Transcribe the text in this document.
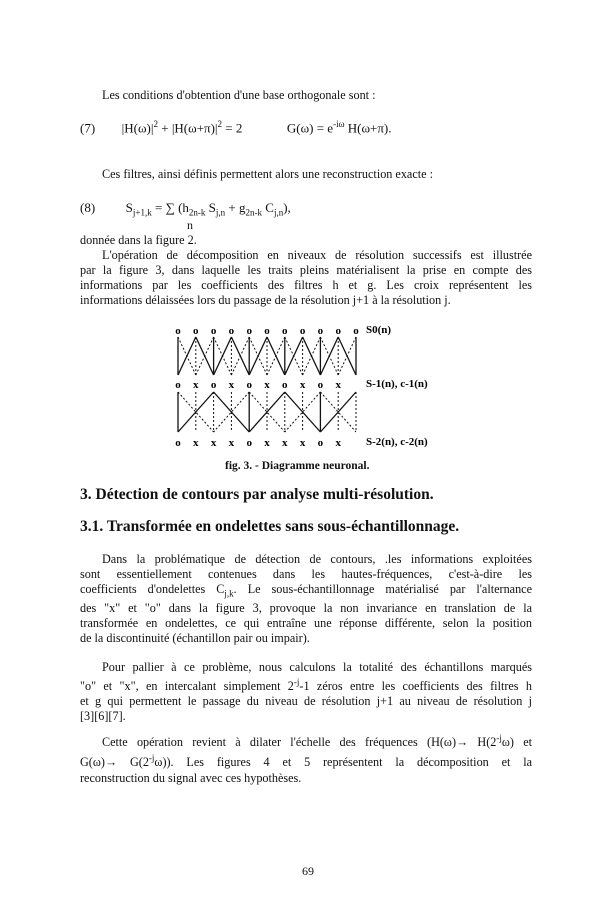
Les conditions d'obtention d'une base orthogonale sont :
(7) $|H(\omega)|^2 + |H(\omega+\pi)|^2 = 2$	$G(\omega) = e^{-i\omega}$ H(ω+π).
Ces filtres, ainsi définis permettent alors une reconstruction exacte :
(8) $S_{j+1,k}$ = ∑ ($h_{2n-k}$ $S_{j,n} + g_{2n-k}$ $C_{j,n}$),
n
donnée dans la figure 2.
L'opération de décomposition en niveaux de résolution successifs est illustrée
par la figure 3, dans laquelle les traits pleins matérialisent la prise en compte des
informations par les coefficients des filtres h et g. Les croix représentent les
informations délaissées lors du passage de la résolution j+1 à la résolution j.
o o o o o o o o o o o
o x o x o x o x o x
o x x x o x x x o x
S0(n)
S-1(n), c-1(n)
S-2(n), c-2(n)
fig. 3. - Diagramme neuronal.
3. Détection de contours par analyse multi-résolution.
3.1. Transformée en ondelettes sans sous-échantillonnage.
Dans la problématique de détection de contours, .les informations exploitées
sont essentiellement contenues dans les hautes-fréquences, c'est-à-dire les
coefficients d'ondelettes $C_{j,k}$. Le sous-échantillonnage matérialisé par l'alternance
des "x" et "o" dans la figure 3, provoque la non invariance en translation de la
transformée en ondelettes, ce qui entraîne une réponse différente, selon la position
de la discontinuité (échantillon pair ou impair).
Pour pallier à ce problème, nous calculons la totalité des échantillons marqués
"o" et "x", en intercalant simplement $2^{-j}-1$ zéros entre les coefficients des filtres h
et g qui permettent le passage du niveau de résolution j+1 au niveau de résolution j
[3][6][7].
Cette opération revient à dilater l'échelle des fréquences ($H(\omega)\to H(2^{-j}\omega)$ et
$G(\omega)\to G(2^{-j}\omega)$). Les figures 4 et 5 représentent la décomposition et la
reconstruction du signal avec ces hypothèses.
69
